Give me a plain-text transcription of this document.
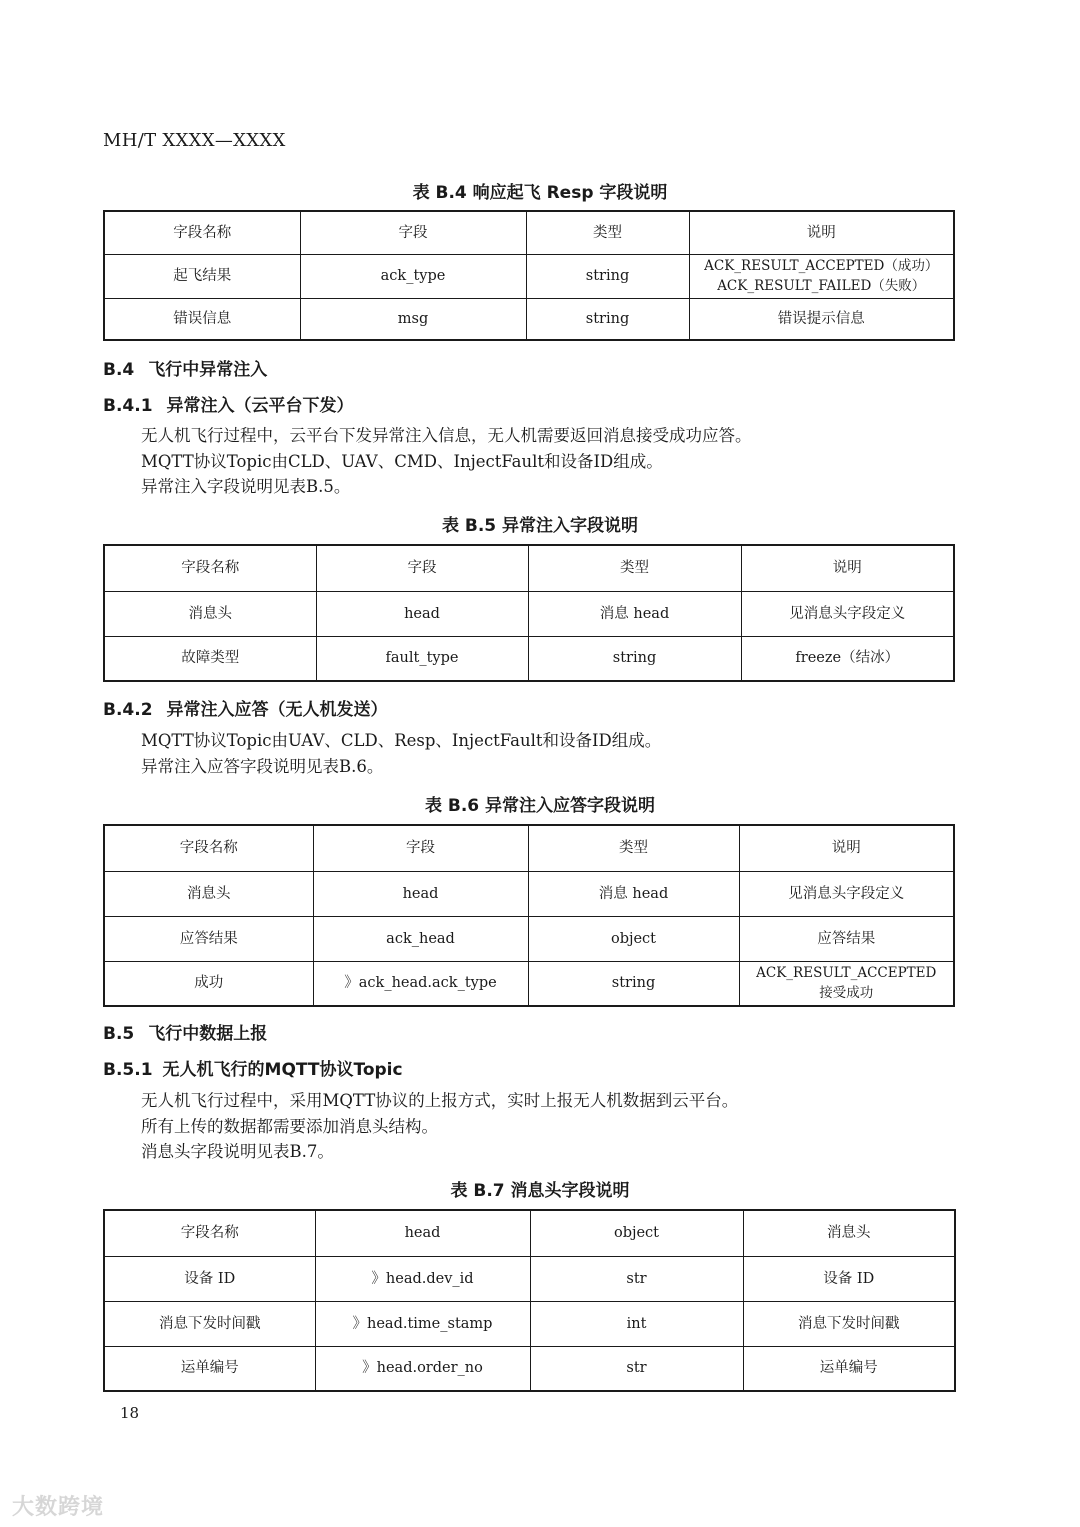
MH/T XXXX—XXXX
表 B.4 响应起飞 Resp 字段说明
字段名称	字段	类型	说明
起飞结果	ack_type	string	ACK_RESULT_ACCEPTED（成功）
ACK_RESULT_FAILED（失败）

错误信息	msg	string	错误提示信息
B.4 飞行中异常注入
B.4.1 异常注入（云平台下发）
无人机飞行过程中，云平台下发异常注入信息，无人机需要返回消息接受成功应答。
MQTT协议Topic由CLD、UAV、CMD、InjectFault和设备ID组成。
异常注入字段说明见表B.5。
表 B.5 异常注入字段说明
字段名称	字段	类型	说明
消息头	head	消息 head	见消息头字段定义
故障类型	fault_type	string	freeze（结冰）
B.4.2 异常注入应答（无人机发送）
MQTT协议Topic由UAV、CLD、Resp、InjectFault和设备ID组成。
异常注入应答字段说明见表B.6。
表 B.6 异常注入应答字段说明
字段名称	字段	类型	说明
消息头	head	消息 head	见消息头字段定义
应答结果	ack_head	object	应答结果
成功	》ack_head.ack_type	string	ACK_RESULT_ACCEPTED
接受成功
B.5 飞行中数据上报
B.5.1 无人机飞行的MQTT协议Topic
无人机飞行过程中，采用MQTT协议的上报方式，实时上报无人机数据到云平台。
所有上传的数据都需要添加消息头结构。
消息头字段说明见表B.7。
表 B.7 消息头字段说明
字段名称	head	object	消息头
设备 ID	》head.dev_id	str	设备 ID
消息下发时间戳	》head.time_stamp	int	消息下发时间戳
运单编号	》head.order_no	str	运单编号
18
大数跨境
